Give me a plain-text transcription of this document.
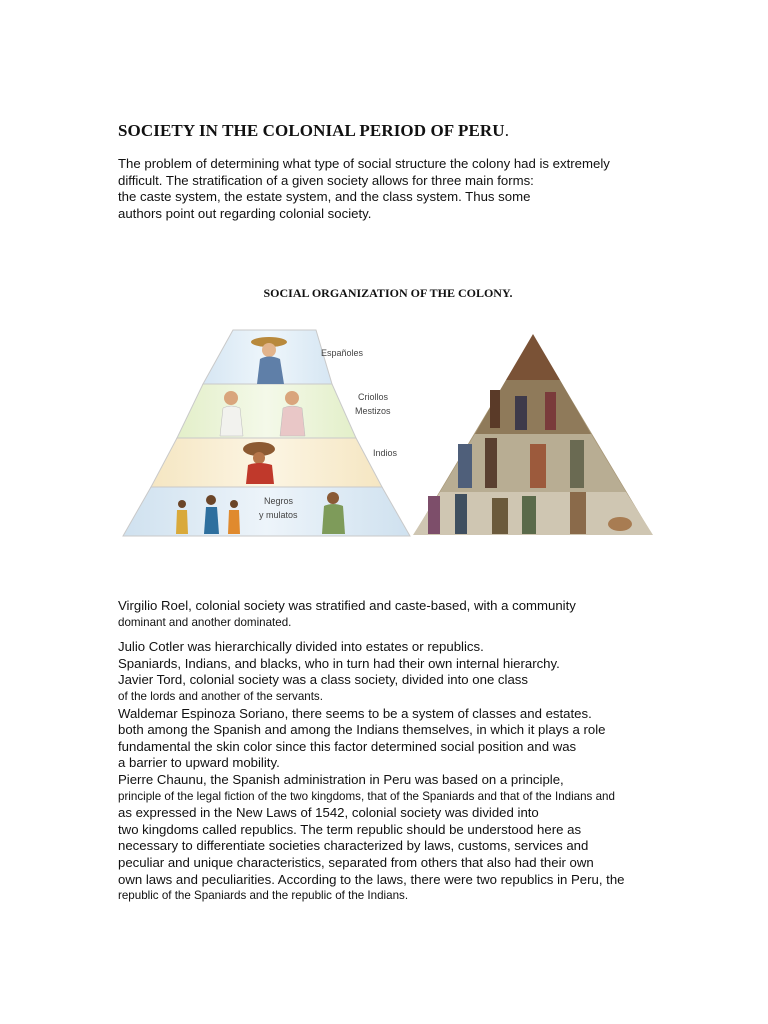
SOCIETY IN THE COLONIAL PERIOD OF PERU.
The problem of determining what type of social structure the colony had is extremely
difficult. The stratification of a given society allows for three main forms:
the caste system, the estate system, and the class system. Thus some
authors point out regarding colonial society.
SOCIAL ORGANIZATION OF THE COLONY.
Españoles
Criollos
Mestizos
Indios
Negros
y mulatos
Virgilio Roel, colonial society was stratified and caste-based, with a community
dominant and another dominated.
Julio Cotler was hierarchically divided into estates or republics.
Spaniards, Indians, and blacks, who in turn had their own internal hierarchy.
Javier Tord, colonial society was a class society, divided into one class
of the lords and another of the servants.
Waldemar Espinoza Soriano, there seems to be a system of classes and estates.
both among the Spanish and among the Indians themselves, in which it plays a role
fundamental the skin color since this factor determined social position and was
a barrier to upward mobility.
Pierre Chaunu, the Spanish administration in Peru was based on a principle,
principle of the legal fiction of the two kingdoms, that of the Spaniards and that of the Indians and
as expressed in the New Laws of 1542, colonial society was divided into
two kingdoms called republics. The term republic should be understood here as
necessary to differentiate societies characterized by laws, customs, services and
peculiar and unique characteristics, separated from others that also had their own
own laws and peculiarities. According to the laws, there were two republics in Peru, the
republic of the Spaniards and the republic of the Indians.
